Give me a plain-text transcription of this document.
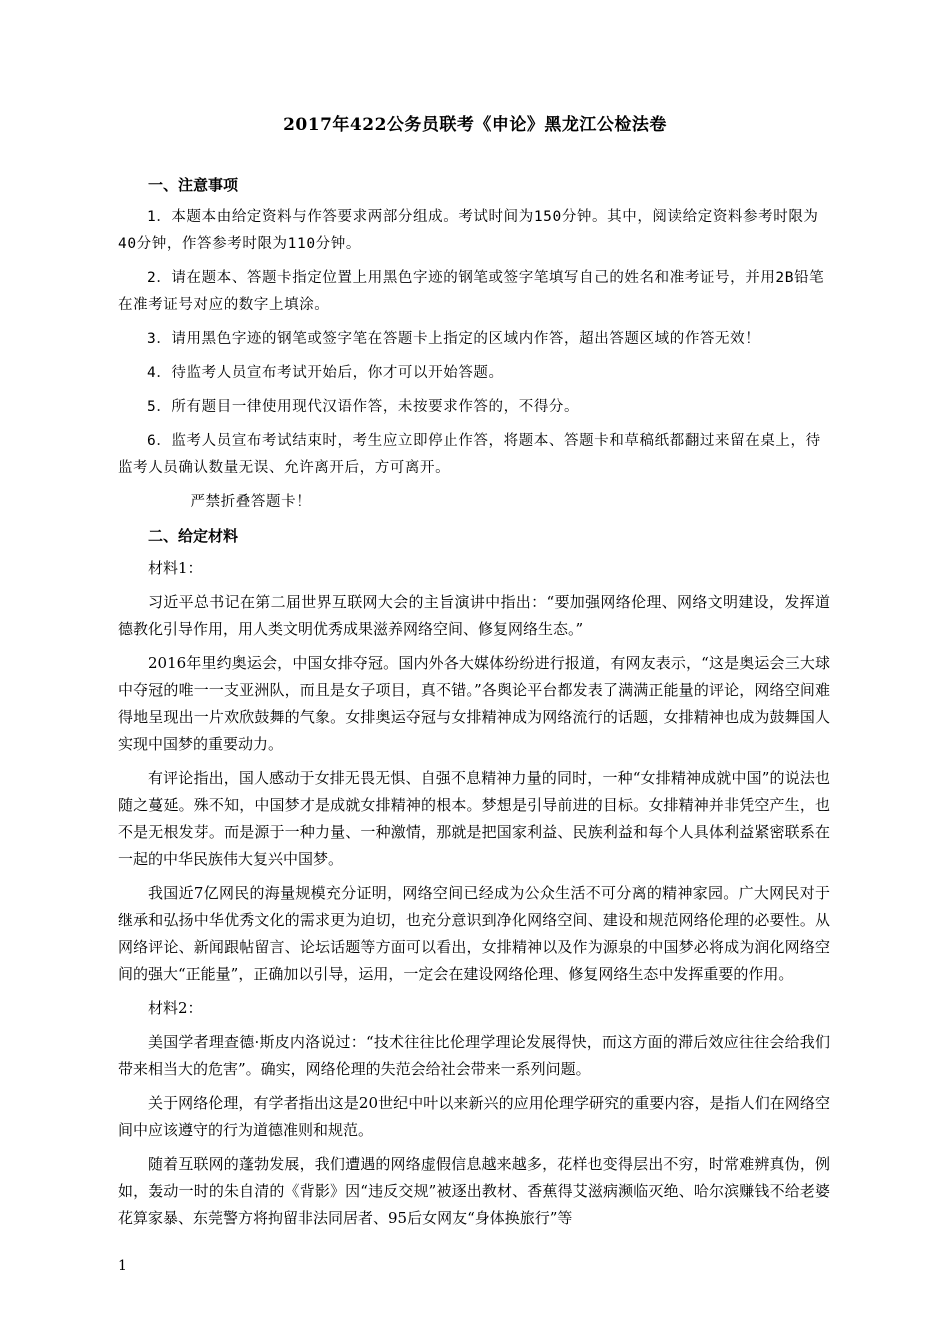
2017年422公务员联考《申论》黑龙江公检法卷
一、注意事项

1．本题本由给定资料与作答要求两部分组成。考试时间为150分钟。其中，阅读给定资料参考时限为40分钟，作答参考时限为110分钟。

2．请在题本、答题卡指定位置上用黑色字迹的钢笔或签字笔填写自己的姓名和准考证号，并用2B铅笔在准考证号对应的数字上填涂。

3．请用黑色字迹的钢笔或签字笔在答题卡上指定的区域内作答，超出答题区域的作答无效！

4．待监考人员宣布考试开始后，你才可以开始答题。

5．所有题目一律使用现代汉语作答，未按要求作答的，不得分。

6．监考人员宣布考试结束时，考生应立即停止作答，将题本、答题卡和草稿纸都翻过来留在桌上，待监考人员确认数量无误、允许离开后，方可离开。

严禁折叠答题卡！

二、给定材料

材料1：

习近平总书记在第二届世界互联网大会的主旨演讲中指出：“要加强网络伦理、网络文明建设，发挥道德教化引导作用，用人类文明优秀成果滋养网络空间、修复网络生态。”

2016年里约奥运会，中国女排夺冠。国内外各大媒体纷纷进行报道，有网友表示，“这是奥运会三大球中夺冠的唯一一支亚洲队，而且是女子项目，真不错。”各舆论平台都发表了满满正能量的评论，网络空间难得地呈现出一片欢欣鼓舞的气象。女排奥运夺冠与女排精神成为网络流行的话题，女排精神也成为鼓舞国人实现中国梦的重要动力。

有评论指出，国人感动于女排无畏无惧、自强不息精神力量的同时，一种“女排精神成就中国”的说法也随之蔓延。殊不知，中国梦才是成就女排精神的根本。梦想是引导前进的目标。女排精神并非凭空产生，也不是无根发芽。而是源于一种力量、一种激情，那就是把国家利益、民族利益和每个人具体利益紧密联系在一起的中华民族伟大复兴中国梦。

我国近7亿网民的海量规模充分证明，网络空间已经成为公众生活不可分离的精神家园。广大网民对于继承和弘扬中华优秀文化的需求更为迫切，也充分意识到净化网络空间、建设和规范网络伦理的必要性。从网络评论、新闻跟帖留言、论坛话题等方面可以看出，女排精神以及作为源泉的中国梦必将成为润化网络空间的强大“正能量”，正确加以引导，运用，一定会在建设网络伦理、修复网络生态中发挥重要的作用。

材料2：

美国学者理查德·斯皮内洛说过：“技术往往比伦理学理论发展得快，而这方面的滞后效应往往会给我们带来相当大的危害”。确实，网络伦理的失范会给社会带来一系列问题。

关于网络伦理，有学者指出这是20世纪中叶以来新兴的应用伦理学研究的重要内容，是指人们在网络空间中应该遵守的行为道德准则和规范。

随着互联网的蓬勃发展，我们遭遇的网络虚假信息越来越多，花样也变得层出不穷，时常难辨真伪，例如，轰动一时的朱自清的《背影》因“违反交规”被逐出教材、香蕉得艾滋病濒临灭绝、哈尔滨赚钱不给老婆花算家暴、东莞警方将拘留非法同居者、95后女网友“身体换旅行”等

1
